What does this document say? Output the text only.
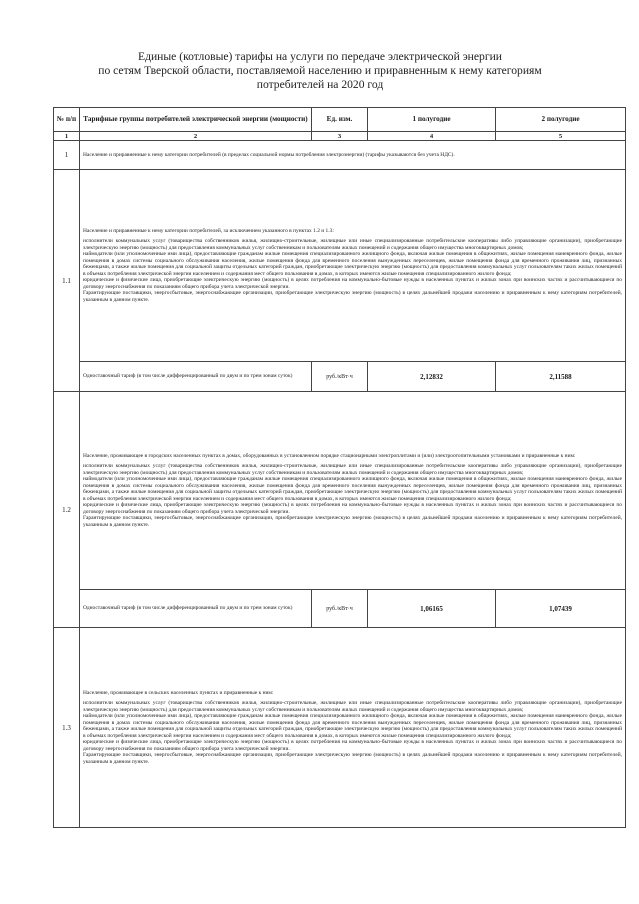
Единые (котловые) тарифы на услуги по передаче электрической энергии
по сетям Тверской области, поставляемой населению и приравненным к нему категориям
потребителей на 2020 год
№ п/п	Тарифные группы потребителей электрической энергии (мощности)	Ед. изм.	1 полугодие	2 полугодие
1	2	3	4	5
1	Население и приравненные к нему категории потребителей (в пределах социальной нормы потребления электроэнергии) (тарифы указываются без учета НДС).			
1.1	Население и приравненные к нему категории потребителей, за исключением указанного в пунктах 1.2 и 1.3:

исполнители коммунальных услуг (товарищества собственников жилья, жилищно-строительные, жилищные или иные специализированные потребительские кооперативы либо управляющие организации), приобретающие электрическую энергию (мощность) для предоставления коммунальных услуг собственникам и пользователям жилых помещений и содержания общего имущества многоквартирных домов;

наймодатели (или уполномоченные ими лица), предоставляющие гражданам жилые помещения специализированного жилищного фонда, включая жилые помещения в общежитиях, жилые помещения маневренного фонда, жилые помещения в домах системы социального обслуживания населения, жилые помещения фонда для временного поселения вынужденных переселенцев, жилые помещения фонда для временного проживания лиц, признанных беженцами, а также жилые помещения для социальной защиты отдельных категорий граждан, приобретающие электрическую энергию (мощность) для предоставления коммунальных услуг пользователям таких жилых помещений в объемах потребления электрической энергии населением и содержания мест общего пользования в домах, в которых имеются жилые помещения специализированного жилого фонда;

юридические и физические лица, приобретающие электрическую энергию (мощность) в целях потребления на коммунально-бытовые нужды в населенных пунктах и жилых зонах при воинских частях и рассчитывающиеся по договору энергоснабжения по показаниям общего прибора учета электрической энергии.

Гарантирующие поставщики, энергосбытовые, энергоснабжающие организации, приобретающие электрическую энергию (мощность) в целях дальнейшей продажи населению и приравненным к нему категориям потребителей, указанным в данном пункте.			

	Одноставочный тариф (в том числе дифференцированный по двум и по трем зонам суток)	руб./кВт·ч	2,12832	2,11588
1.2	Население, проживающее в городских населенных пунктах в домах, оборудованных в установленном порядке стационарными электроплитами и (или) электроотопительными установками и приравненные к ним:

исполнители коммунальных услуг (товарищества собственников жилья, жилищно-строительные, жилищные или иные специализированные потребительские кооперативы либо управляющие организации), приобретающие электрическую энергию (мощность) для предоставления коммунальных услуг собственникам и пользователям жилых помещений и содержания общего имущества многоквартирных домов;

наймодатели (или уполномоченные ими лица), предоставляющие гражданам жилые помещения специализированного жилищного фонда, включая жилые помещения в общежитиях, жилые помещения маневренного фонда, жилые помещения в домах системы социального обслуживания населения, жилые помещения фонда для временного поселения вынужденных переселенцев, жилые помещения фонда для временного проживания лиц, признанных беженцами, а также жилые помещения для социальной защиты отдельных категорий граждан, приобретающие электрическую энергию (мощность) для предоставления коммунальных услуг пользователям таких жилых помещений в объемах потребления электрической энергии населением и содержания мест общего пользования в домах, в которых имеются жилые помещения специализированного жилого фонда;

юридические и физические лица, приобретающие электрическую энергию (мощность) в целях потребления на коммунально-бытовые нужды в населенных пунктах и жилых зонах при воинских частях и рассчитывающиеся по договору энергоснабжения по показаниям общего прибора учета электрической энергии.

Гарантирующие поставщики, энергосбытовые, энергоснабжающие организации, приобретающие электрическую энергию (мощность) в целях дальнейшей продажи населению и приравненным к нему категориям потребителей, указанным в данном пункте.			

	Одноставочный тариф (в том числе дифференцированный по двум и по трем зонам суток)	руб./кВт·ч	1,06165	1,07439
1.3	Население, проживающее в сельских населенных пунктах и приравненные к ним:

исполнители коммунальных услуг (товарищества собственников жилья, жилищно-строительные, жилищные или иные специализированные потребительские кооперативы либо управляющие организации), приобретающие электрическую энергию (мощность) для предоставления коммунальных услуг собственникам и пользователям жилых помещений и содержания общего имущества многоквартирных домов;

наймодатели (или уполномоченные ими лица), предоставляющие гражданам жилые помещения специализированного жилищного фонда, включая жилые помещения в общежитиях, жилые помещения маневренного фонда, жилые помещения в домах системы социального обслуживания населения, жилые помещения фонда для временного поселения вынужденных переселенцев, жилые помещения фонда для временного проживания лиц, признанных беженцами, а также жилые помещения для социальной защиты отдельных категорий граждан, приобретающие электрическую энергию (мощность) для предоставления коммунальных услуг пользователям таких жилых помещений в объемах потребления электрической энергии населением и содержания мест общего пользования в домах, в которых имеются жилые помещения специализированного жилого фонда;

юридические и физические лица, приобретающие электрическую энергию (мощность) в целях потребления на коммунально-бытовые нужды в населенных пунктах и жилых зонах при воинских частях и рассчитывающиеся по договору энергоснабжения по показаниям общего прибора учета электрической энергии.

Гарантирующие поставщики, энергосбытовые, энергоснабжающие организации, приобретающие электрическую энергию (мощность) в целях дальнейшей продажи населению и приравненным к нему категориям потребителей, указанным в данном пункте.			
